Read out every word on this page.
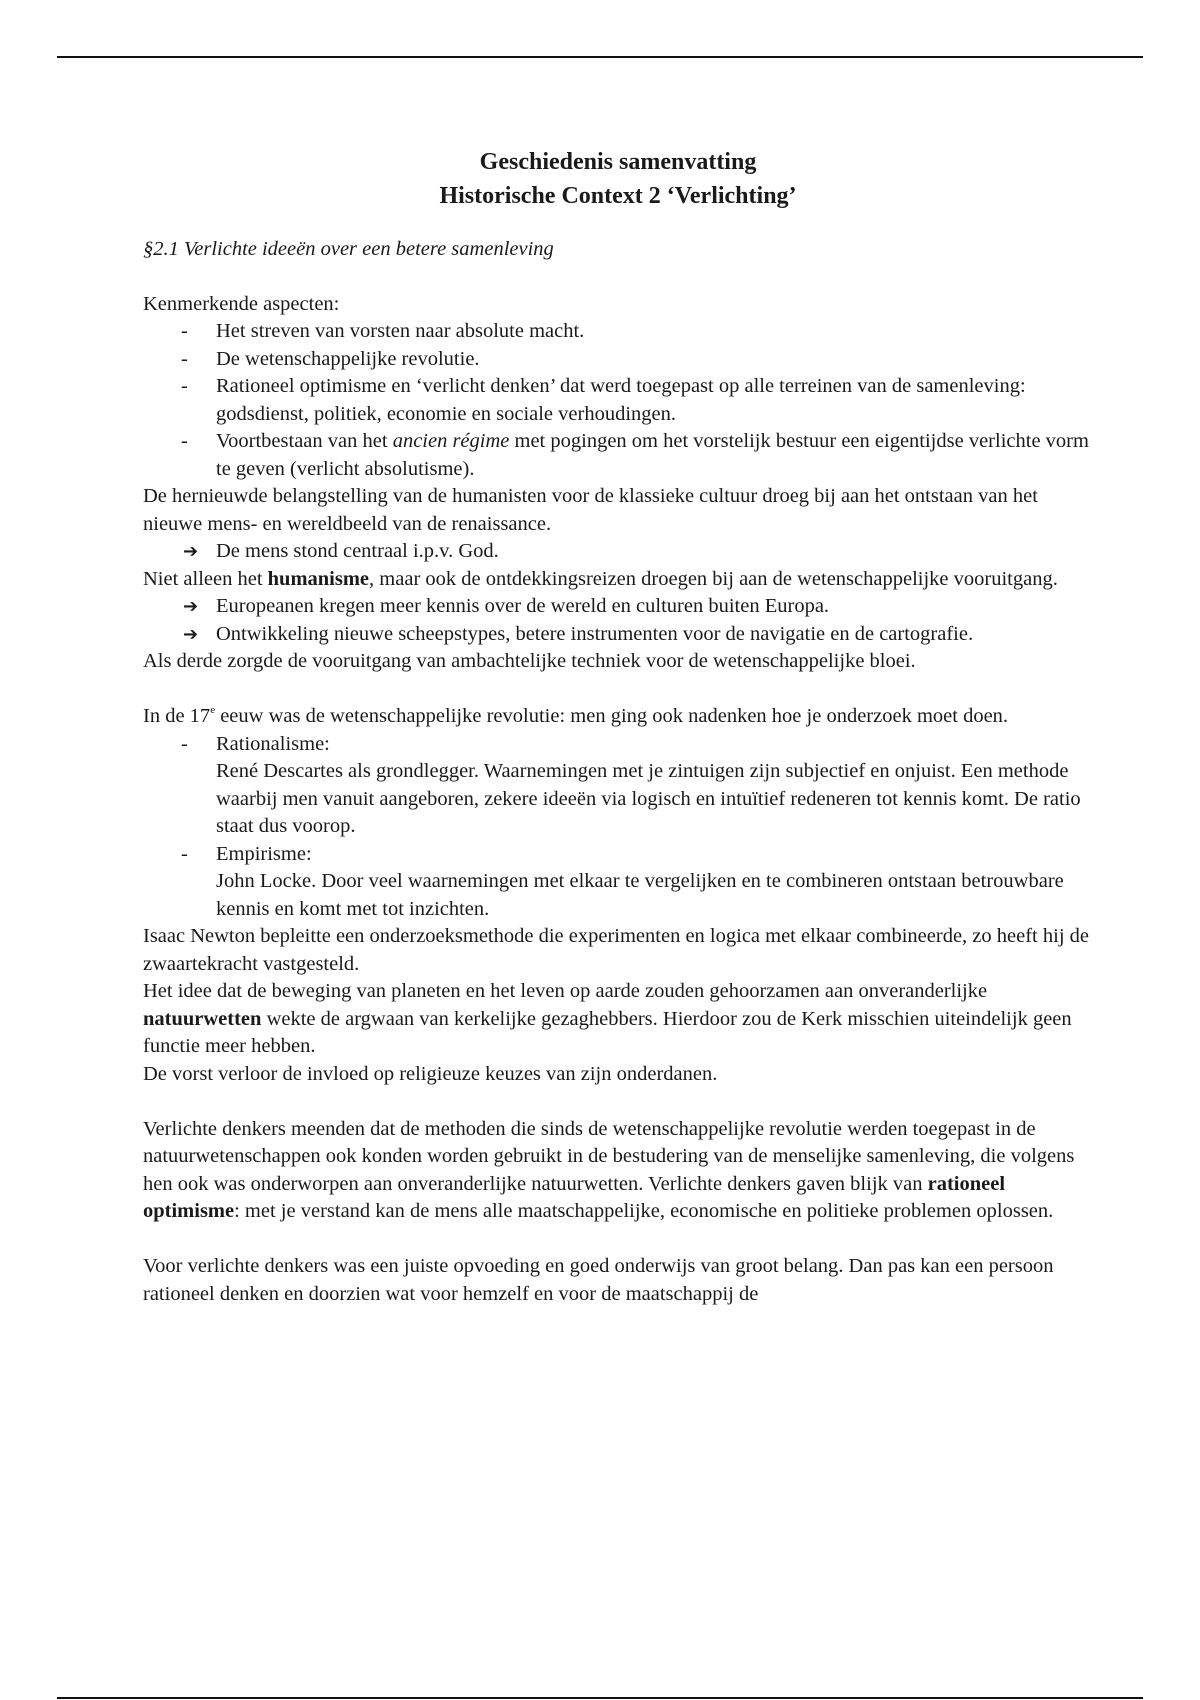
Geschiedenis samenvatting
Historische Context 2 ‘Verlichting’

§2.1 Verlichte ideeën over een betere samenleving

Kenmerkende aspecten:

- Het streven van vorsten naar absolute macht.
- De wetenschappelijke revolutie.
- Rationeel optimisme en ‘verlicht denken’ dat werd toegepast op alle terreinen van de samenleving: godsdienst, politiek, economie en sociale verhoudingen.
- Voortbestaan van het ancien régime met pogingen om het vorstelijk bestuur een eigentijdse verlichte vorm te geven (verlicht absolutisme).

De hernieuwde belangstelling van de humanisten voor de klassieke cultuur droeg bij aan het ontstaan van het nieuwe mens- en wereldbeeld van de renaissance.

➔ De mens stond centraal i.p.v. God.

Niet alleen het humanisme, maar ook de ontdekkingsreizen droegen bij aan de wetenschappelijke vooruitgang.

➔ Europeanen kregen meer kennis over de wereld en culturen buiten Europa.
➔ Ontwikkeling nieuwe scheepstypes, betere instrumenten voor de navigatie en de cartografie.

Als derde zorgde de vooruitgang van ambachtelijke techniek voor de wetenschappelijke bloei.

In de 17e eeuw was de wetenschappelijke revolutie: men ging ook nadenken hoe je onderzoek moet doen.

- Rationalisme:
René Descartes als grondlegger. Waarnemingen met je zintuigen zijn subjectief en onjuist. Een methode waarbij men vanuit aangeboren, zekere ideeën via logisch en intuïtief redeneren tot kennis komt. De ratio staat dus voorop.
- Empirisme:
John Locke. Door veel waarnemingen met elkaar te vergelijken en te combineren ontstaan betrouwbare kennis en komt met tot inzichten.

Isaac Newton bepleitte een onderzoeksmethode die experimenten en logica met elkaar combineerde, zo heeft hij de zwaartekracht vastgesteld.

Het idee dat de beweging van planeten en het leven op aarde zouden gehoorzamen aan onveranderlijke natuurwetten wekte de argwaan van kerkelijke gezaghebbers. Hierdoor zou de Kerk misschien uiteindelijk geen functie meer hebben.

De vorst verloor de invloed op religieuze keuzes van zijn onderdanen.

Verlichte denkers meenden dat de methoden die sinds de wetenschappelijke revolutie werden toegepast in de natuurwetenschappen ook konden worden gebruikt in de bestudering van de menselijke samenleving, die volgens hen ook was onderworpen aan onveranderlijke natuurwetten. Verlichte denkers gaven blijk van rationeel optimisme: met je verstand kan de mens alle maatschappelijke, economische en politieke problemen oplossen.

Voor verlichte denkers was een juiste opvoeding en goed onderwijs van groot belang. Dan pas kan een persoon rationeel denken en doorzien wat voor hemzelf en voor de maatschappij de
